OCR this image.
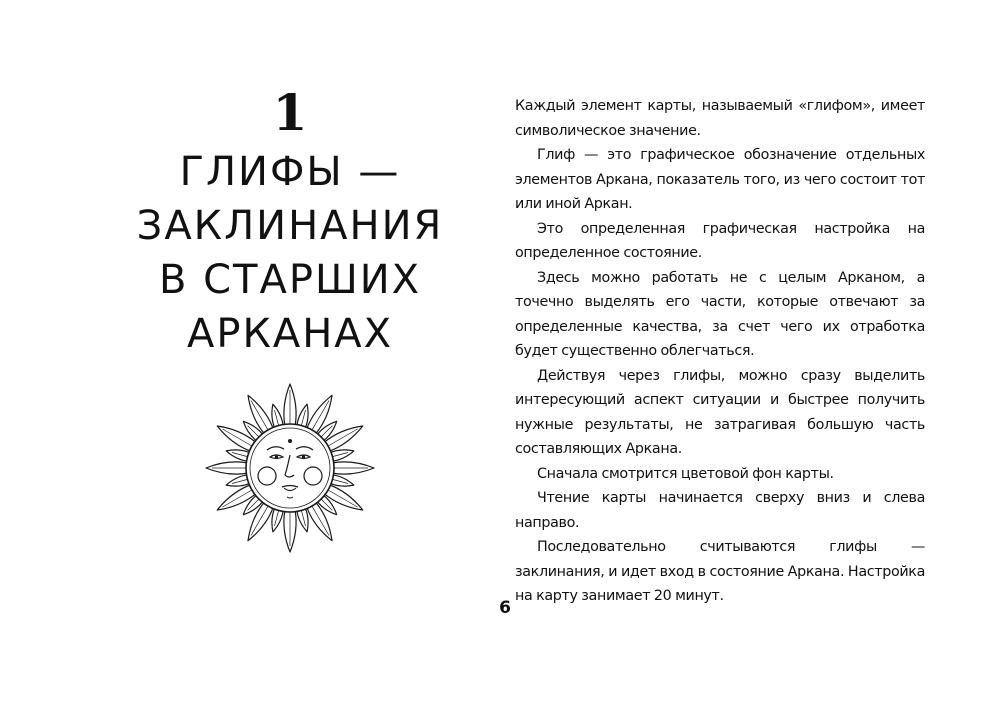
1
ГЛИФЫ —
ЗАКЛИНАНИЯ
В СТАРШИХ
АРКАНАХ

Каждый элемент карты, называемый «глифом», имеет символическое значение.

Глиф — это графическое обозначение отдельных элементов Аркана, показатель того, из чего состоит тот или иной Аркан.

Это определенная графическая настройка на определенное состояние.

Здесь можно работать не с целым Арканом, а точечно выделять его части, которые отвечают за определенные качества, за счет чего их отработка будет существенно облегчаться.

Действуя через глифы, можно сразу выделить интересующий аспект ситуации и быстрее получить нужные результаты, не затрагивая большую часть составляющих Аркана.

Сначала смотрится цветовой фон карты.

Чтение карты начинается сверху вниз и слева направо.

Последовательно считываются глифы — заклинания, и идет вход в состояние Аркана. Настройка на карту занимает 20 минут.

6
